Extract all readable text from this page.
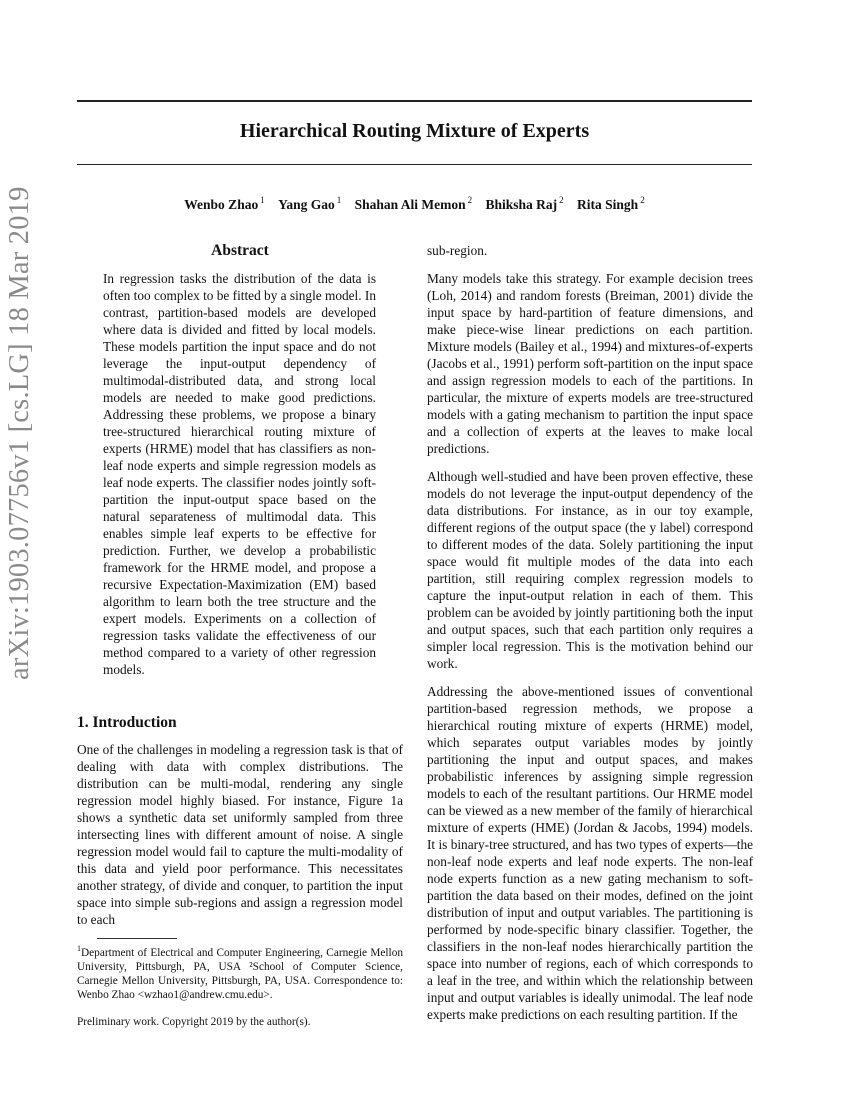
Hierarchical Routing Mixture of Experts
Wenbo Zhao $^1$ Yang Gao $^1$ Shahan Ali Memon $^2$ Bhiksha Raj $^2$ Rita Singh $^2$
arXiv:1903.07756v1 [cs.LG] 18 Mar 2019	Abstract

In regression tasks the distribution of the data is often too complex to be fitted by a single model. In contrast, partition-based models are developed where data is divided and fitted by local models. These models partition the input space and do not leverage the input-output dependency of multimodal-distributed data, and strong local models are needed to make good predictions. Addressing these problems, we propose a binary tree-structured hierarchical routing mixture of experts (HRME) model that has classifiers as non-leaf node experts and simple regression models as leaf node experts. The classifier nodes jointly soft-partition the input-output space based on the natural separateness of multimodal data. This enables simple leaf experts to be effective for prediction. Further, we develop a probabilistic framework for the HRME model, and propose a recursive Expectation-Maximization (EM) based algorithm to learn both the tree structure and the expert models. Experiments on a collection of regression tasks validate the effectiveness of our method compared to a variety of other regression models.

1. Introduction

One of the challenges in modeling a regression task is that of dealing with data with complex distributions. The distribution can be multi-modal, rendering any single regression model highly biased. For instance, Figure 1a shows a synthetic data set uniformly sampled from three intersecting lines with different amount of noise. A single regression model would fail to capture the multi-modality of this data and yield poor performance. This necessitates another strategy, of divide and conquer, to partition the input space into simple sub-regions and assign a regression model to each

$^1$Department of Electrical and Computer Engineering, Carnegie Mellon University, Pittsburgh, PA, USA ²School of Computer Science, Carnegie Mellon University, Pittsburgh, PA, USA. Correspondence to: Wenbo Zhao <wzhao1@andrew.cmu.edu>.
Preliminary work. Copyright 2019 by the author(s).

sub-region.

Many models take this strategy. For example decision trees (Loh, 2014) and random forests (Breiman, 2001) divide the input space by hard-partition of feature dimensions, and make piece-wise linear predictions on each partition. Mixture models (Bailey et al., 1994) and mixtures-of-experts (Jacobs et al., 1991) perform soft-partition on the input space and assign regression models to each of the partitions. In particular, the mixture of experts models are tree-structured models with a gating mechanism to partition the input space and a collection of experts at the leaves to make local predictions.

Although well-studied and have been proven effective, these models do not leverage the input-output dependency of the data distributions. For instance, as in our toy example, different regions of the output space (the y label) correspond to different modes of the data. Solely partitioning the input space would fit multiple modes of the data into each partition, still requiring complex regression models to capture the input-output relation in each of them. This problem can be avoided by jointly partitioning both the input and output spaces, such that each partition only requires a simpler local regression. This is the motivation behind our work.

Addressing the above-mentioned issues of conventional partition-based regression methods, we propose a hierarchical routing mixture of experts (HRME) model, which separates output variables modes by jointly partitioning the input and output spaces, and makes probabilistic inferences by assigning simple regression models to each of the resultant partitions. Our HRME model can be viewed as a new member of the family of hierarchical mixture of experts (HME) (Jordan & Jacobs, 1994) models. It is binary-tree structured, and has two types of experts—the non-leaf node experts and leaf node experts. The non-leaf node experts function as a new gating mechanism to soft-partition the data based on their modes, defined on the joint distribution of input and output variables. The partitioning is performed by node-specific binary classifier. Together, the classifiers in the non-leaf nodes hierarchically partition the space into number of regions, each of which corresponds to a leaf in the tree, and within which the relationship between input and output variables is ideally unimodal. The leaf node experts make predictions on each resulting partition. If the
